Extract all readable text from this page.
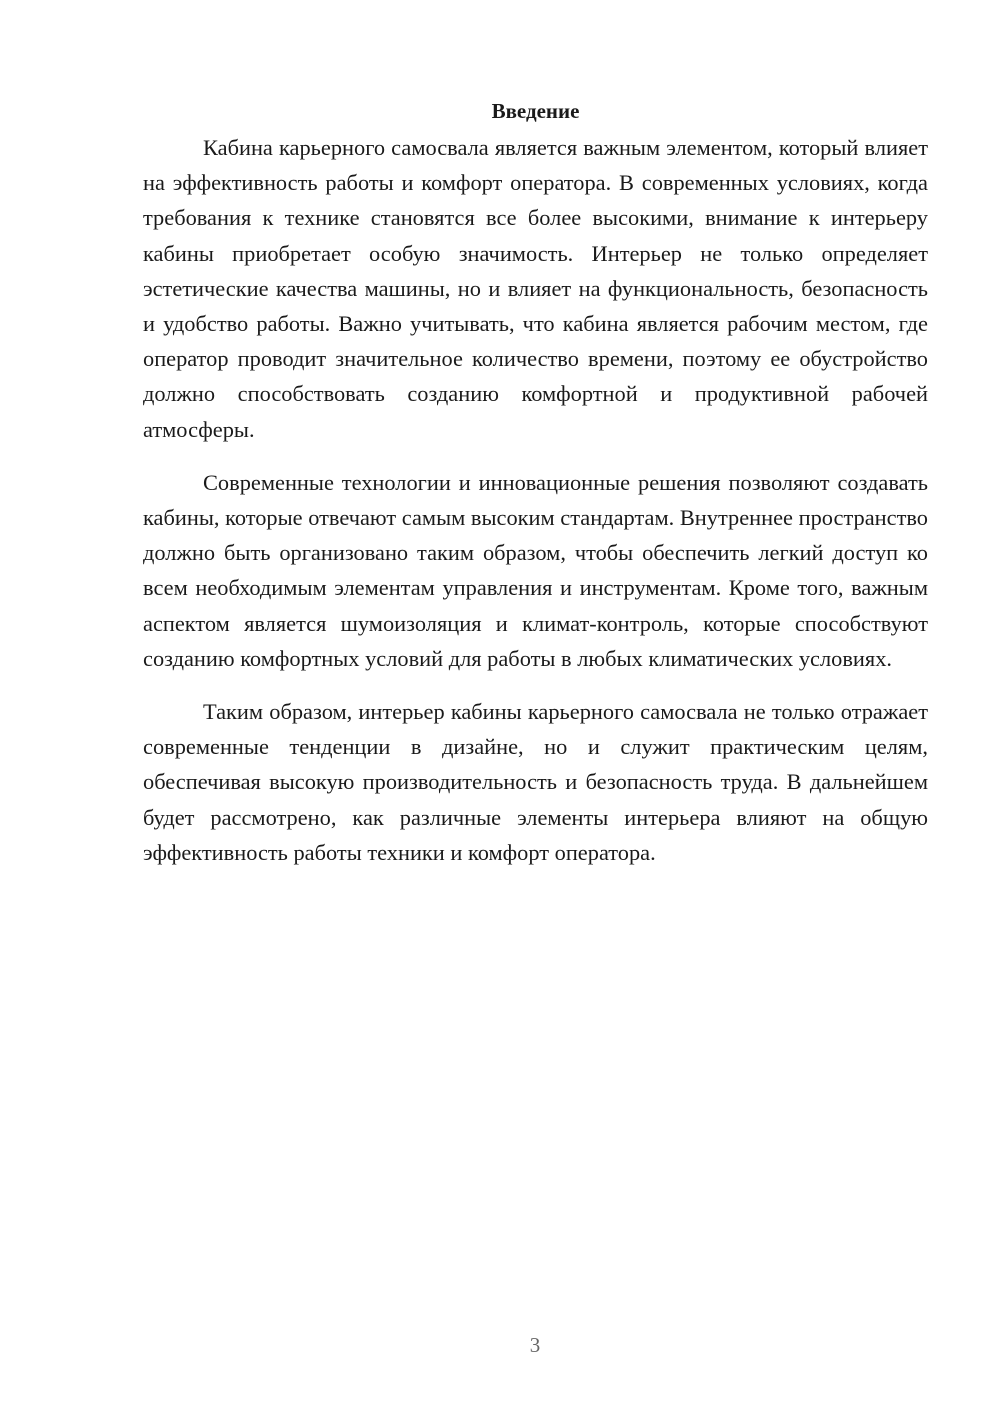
Введение

Кабина карьерного самосвала является важным элементом, который влияет на эффективность работы и комфорт оператора. В современных условиях, когда требования к технике становятся все более высокими, внимание к интерьеру кабины приобретает особую значимость. Интерьер не только определяет эстетические качества машины, но и влияет на функциональность, безопасность и удобство работы. Важно учитывать, что кабина является рабочим местом, где оператор проводит значительное количество времени, поэтому ее обустройство должно способствовать созданию комфортной и продуктивной рабочей атмосферы.

Современные технологии и инновационные решения позволяют создавать кабины, которые отвечают самым высоким стандартам. Внутреннее пространство должно быть организовано таким образом, чтобы обеспечить легкий доступ ко всем необходимым элементам управления и инструментам. Кроме того, важным аспектом является шумоизоляция и климат-контроль, которые способствуют созданию комфортных условий для работы в любых климатических условиях.

Таким образом, интерьер кабины карьерного самосвала не только отражает современные тенденции в дизайне, но и служит практическим целям, обеспечивая высокую производительность и безопасность труда. В дальнейшем будет рассмотрено, как различные элементы интерьера влияют на общую эффективность работы техники и комфорт оператора.

3
